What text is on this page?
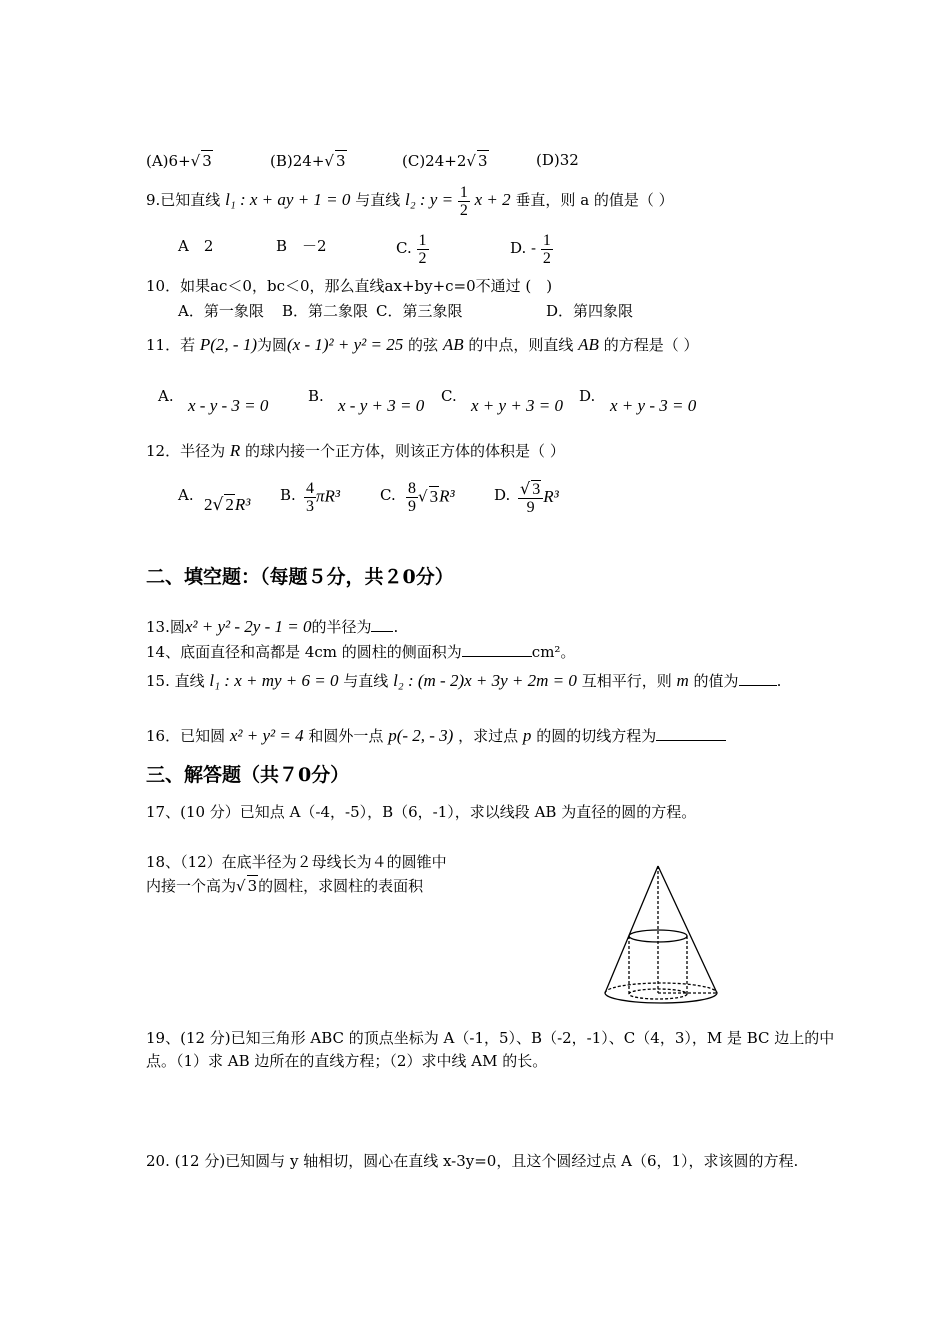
(A)6+√ 3	(B)24+√ 3	(C)24+2√ 3	(D)32
9.已知直线 l₁ : x + ay + 1 = 0 与直线 l₂ : $y = \frac{1}{2}$ x + 2 垂直，则 a 的值是（ ）
A　2	B　－2	C. $\frac{1}{2}$	D. - $\frac{1}{2}$
10．如果ac＜0，bc＜0，那么直线ax+by+c=0不通过 (　)
A．第一象限 B．第二象限 C．第三象限	D．第四象限
11．若 P(2, - 1)为圆(x - 1)² + y² = 25 的弦 AB 的中点，则直线 AB 的方程是（ ）
A. x - y - 3 = 0	B. x - y + 3 = 0 C. x + y + 3 = 0 D. x + y - 3 = 0
12．半径为 R 的球内接一个正方体，则该正方体的体积是（ ）
A. 2√ 2R³ B. $\frac{4}{3} \pi R^3$	C. $\frac{8}{9}$ √ 3R³	D. $\frac{√ 3}{9} R^3$
二、填空题：（每题５分，共２0分）
13.圆x² + y² - 2y - 1 = 0的半径为 .
14、底面直径和高都是 4cm 的圆柱的侧面积为	cm²。
15. 直线 l₁ : x + my + 6 = 0 与直线 l₂ : (m - 2)x + 3y + 2m = 0 互相平行，则 m 的值为	.
16．已知圆 x² + y² = 4 和圆外一点 p(- 2, - 3) ，求过点 p 的圆的切线方程为
三、解答题（共７0分）
17、(10 分）已知点 A（-4，-5），B（6，-1），求以线段 AB 为直径的圆的方程。
18、（12）在底半径为２母线长为４的圆锥中
内接一个高为√ 3的圆柱，求圆柱的表面积
19、(12 分)已知三角形 ABC 的顶点坐标为 A（-1，5）、B（-2，-1）、C（4，3），M 是 BC 边上的中
点。（1）求 AB 边所在的直线方程；（2）求中线 AM 的长。
20. (12 分)已知圆与 y 轴相切，圆心在直线 x-3y=0，且这个圆经过点 A（6，1），求该圆的方程.
